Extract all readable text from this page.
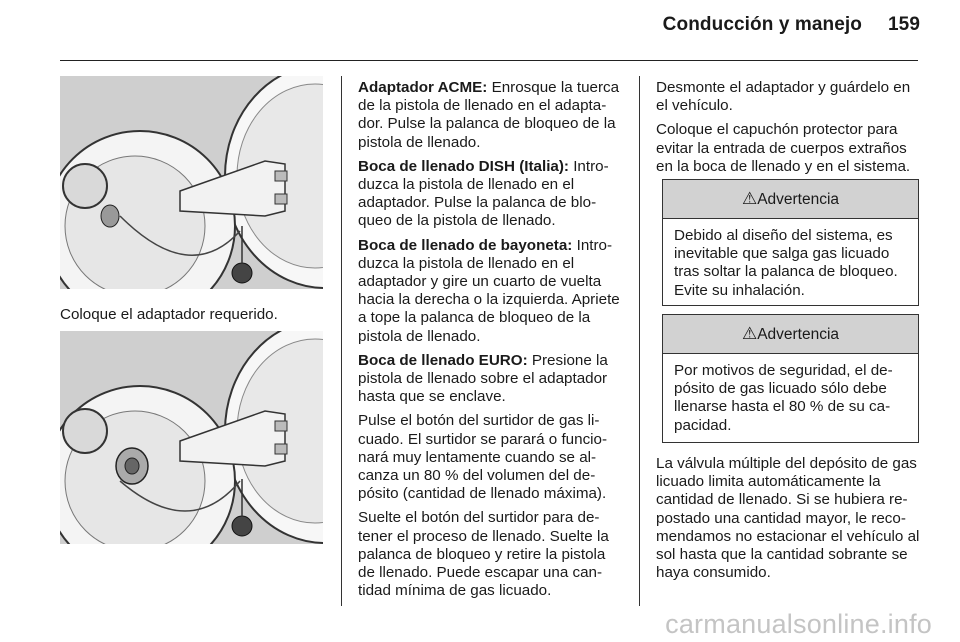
Conducción y manejo 159
Coloque el adaptador requerido.

Adaptador ACME: Enrosque la tuerca de la pistola de llenado en el adaptador. Pulse la palanca de bloqueo de la pistola de llenado.

Boca de llenado DISH (Italia): Introduzca la pistola de llenado en el adaptador. Pulse la palanca de bloqueo de la pistola de llenado.

Boca de llenado de bayoneta: Introduzca la pistola de llenado en el adaptador y gire un cuarto de vuelta hacia la derecha o la izquierda. Apriete a tope la palanca de bloqueo de la pistola de llenado.

Boca de llenado EURO: Presione la pistola de llenado sobre el adaptador hasta que se enclave.

Pulse el botón del surtidor de gas licuado. El surtidor se parará o funcionará muy lentamente cuando se alcanza un 80 % del volumen del depósito (cantidad de llenado máxima).

Suelte el botón del surtidor para detener el proceso de llenado. Suelte la palanca de bloqueo y retire la pistola de llenado. Puede escapar una cantidad mínima de gas licuado.

Desmonte el adaptador y guárdelo en el vehículo.

Coloque el capuchón protector para evitar la entrada de cuerpos extraños en la boca de llenado y en el sistema.

⚠Advertencia
Debido al diseño del sistema, es inevitable que salga gas licuado tras soltar la palanca de bloqueo. Evite su inhalación.
⚠Advertencia
Por motivos de seguridad, el depósito de gas licuado sólo debe llenarse hasta el 80 % de su capacidad.

La válvula múltiple del depósito de gas licuado limita automáticamente la cantidad de llenado. Si se hubiera repostado una cantidad mayor, le recomendamos no estacionar el vehículo al sol hasta que la cantidad sobrante se haya consumido.

carmanualsonline.info
